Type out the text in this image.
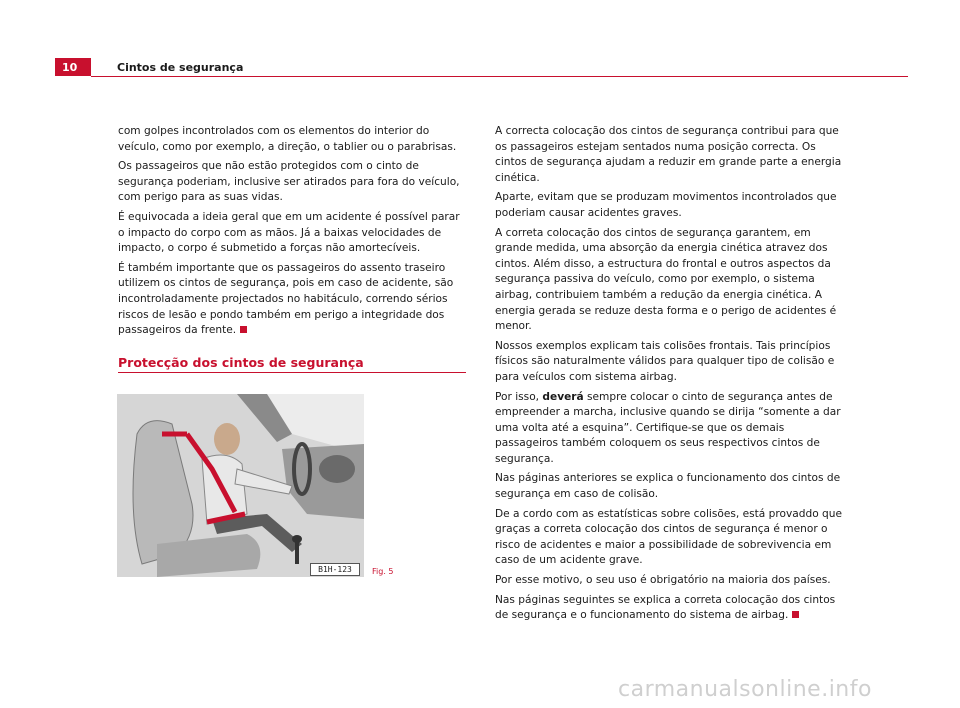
10	Cintos de segurança

com golpes incontrolados com os elementos do interior do veículo, como por exemplo, a direção, o tablier ou o parabrisas.

Os passageiros que não estão protegidos com o cinto de segurança poderiam, inclusive ser atirados para fora do veículo, com perigo para as suas vidas.

É equivocada a ideia geral que em um acidente é possível parar o impacto do corpo com as mãos. Já a baixas velocidades de impacto, o corpo é submetido a forças não amortecíveis.

É também importante que os passageiros do assento traseiro utilizem os cintos de segurança, pois em caso de acidente, são incontroladamente projectados no habitáculo, correndo sérios riscos de lesão e pondo também em perigo a integridade dos passageiros da frente.

Protecção dos cintos de segurança
B1H-123	Fig. 5

A correcta colocação dos cintos de segurança contribui para que os passageiros estejam sentados numa posição correcta. Os cintos de segurança ajudam a reduzir em grande parte a energia cinética.

Aparte, evitam que se produzam movimentos incontrolados que poderiam causar acidentes graves.

A correta colocação dos cintos de segurança garantem, em grande medida, uma absorção da energia cinética atravez dos cintos. Além disso, a estructura do frontal e outros aspectos da segurança passiva do veículo, como por exemplo, o sistema airbag, contribuiem também a redução da energia cinética. A energia gerada se reduze desta forma e o perigo de acidentes é menor.

Nossos exemplos explicam tais colisões frontais. Tais princípios físicos são naturalmente válidos para qualquer tipo de colisão e para veículos com sistema airbag.

Por isso, deverá sempre colocar o cinto de segurança antes de empreender a marcha, inclusive quando se dirija “somente a dar uma volta até a esquina”. Certifique-se que os demais passageiros também coloquem os seus respectivos cintos de segurança.

Nas páginas anteriores se explica o funcionamento dos cintos de segurança em caso de colisão.

De a cordo com as estatísticas sobre colisões, está provaddo que graças a correta colocação dos cintos de segurança é menor o risco de acidentes e maior a possibilidade de sobrevivencia em caso de um acidente grave.

Por esse motivo, o seu uso é obrigatório na maioria dos países.

Nas páginas seguintes se explica a correta colocação dos cintos de segurança e o funcionamento do sistema de airbag.

carmanualsonline.info
